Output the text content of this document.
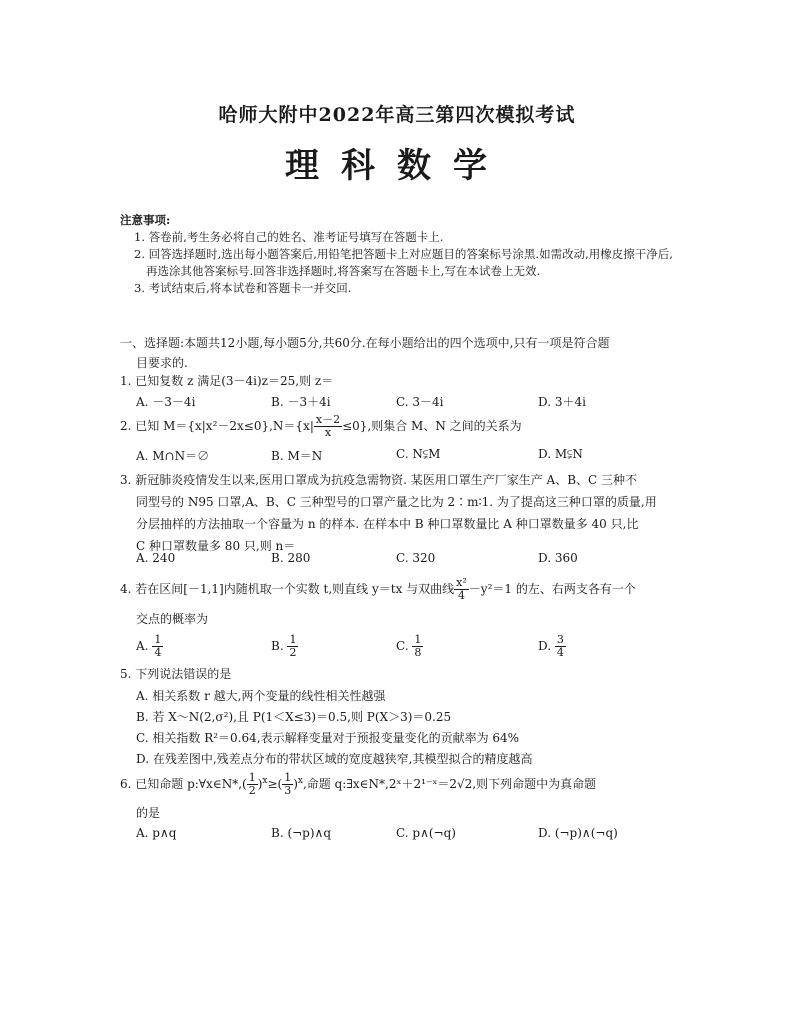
哈师大附中2022年高三第四次模拟考试
理科数学
注意事项:
1. 答卷前,考生务必将自己的姓名、准考证号填写在答题卡上.
2. 回答选择题时,选出每小题答案后,用铅笔把答题卡上对应题目的答案标号涂黑.如需改动,用橡皮擦干净后,再选涂其他答案标号.回答非选择题时,将答案写在答题卡上,写在本试卷上无效.
3. 考试结束后,将本试卷和答题卡一并交回.
一、选择题:本题共12小题,每小题5分,共60分.在每小题给出的四个选项中,只有一项是符合题
目要求的.
1. 已知复数 z 满足(3－4i)z＝25,则 z＝
A. －3－4i	B. －3＋4i	C. 3－4i	D. 3＋4i
2. 已知 $M=\{x|x^2-2x\le 0\},N=\{x| \frac{x-2}{x} \le 0\}$,则集合 M、N 之间的关系为
A. M∩N＝∅	B. M＝N	C. N⫋M	D. M⫋N
3. 新冠肺炎疫情发生以来,医用口罩成为抗疫急需物资. 某医用口罩生产厂家生产 A、B、C 三种不
同型号的 N95 口罩,A、B、C 三种型号的口罩产量之比为 2∶m∶1. 为了提高这三种口罩的质量,用
分层抽样的方法抽取一个容量为 n 的样本. 在样本中 B 种口罩数量比 A 种口罩数量多 40 只,比
C 种口罩数量多 80 只,则 n＝
A. 240	B. 280	C. 320	D. 360
4. 若在区间[－1,1]内随机取一个实数 t,则直线 y＝tx 与双曲线 $\frac{\text{x²}}{4} -y^2=1$ 的左、右两支各有一个
交点的概率为
A. $\frac{1}{4}$	B. $\frac{1}{2}$	C. $\frac{1}{8}$	D. $\frac{3}{4}$
5. 下列说法错误的是
A. 相关系数 r 越大,两个变量的线性相关性越强
B. 若 X～N(2,σ²),且 P(1＜X≤3)＝0.5,则 P(X＞3)＝0.25
C. 相关指数 R²＝0.64,表示解释变量对于预报变量变化的贡献率为 64%
D. 在残差图中,残差点分布的带状区域的宽度越狭窄,其模型拟合的精度越高
6. 已知命题 p:∀x∈N*,( $\frac{1}{2} )^x\ge( \frac{1}{3} )^x$,命题 q:∃x∈N*,2ˣ＋2¹⁻ˣ＝2√2,则下列命题中为真命题
的是
A. p∧q	B. (¬p)∧q	C. p∧(¬q)	D. (¬p)∧(¬q)
